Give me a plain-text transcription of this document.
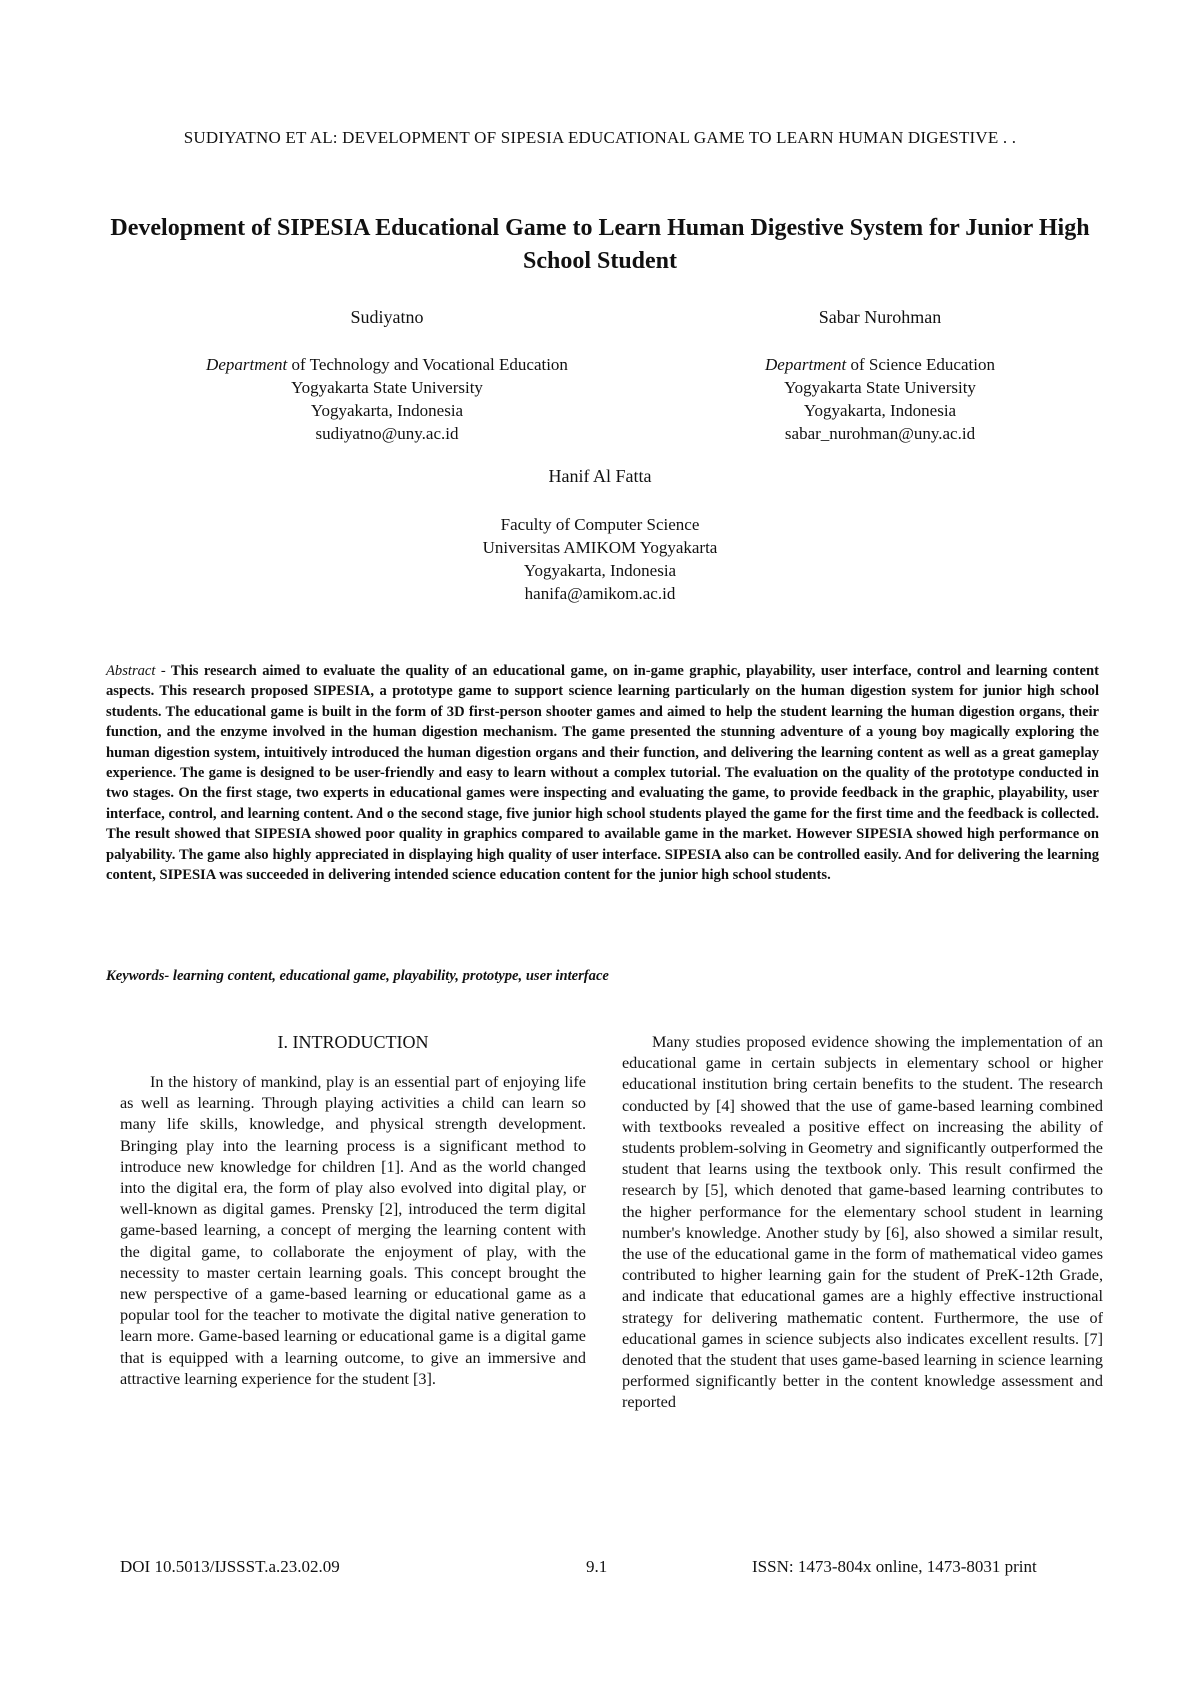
SUDIYATNO ET AL: DEVELOPMENT OF SIPESIA EDUCATIONAL GAME TO LEARN HUMAN DIGESTIVE . .
Development of SIPESIA Educational Game to Learn Human Digestive System for Junior High School Student
Sudiyatno
Department of Technology and Vocational Education
Yogyakarta State University
Yogyakarta, Indonesia
sudiyatno@uny.ac.id
Sabar Nurohman
Department of Science Education
Yogyakarta State University
Yogyakarta, Indonesia
sabar_nurohman@uny.ac.id
Hanif Al Fatta
Faculty of Computer Science
Universitas AMIKOM Yogyakarta
Yogyakarta, Indonesia
hanifa@amikom.ac.id
Abstract - This research aimed to evaluate the quality of an educational game, on in-game graphic, playability, user interface, control and learning content aspects. This research proposed SIPESIA, a prototype game to support science learning particularly on the human digestion system for junior high school students. The educational game is built in the form of 3D first-person shooter games and aimed to help the student learning the human digestion organs, their function, and the enzyme involved in the human digestion mechanism. The game presented the stunning adventure of a young boy magically exploring the human digestion system, intuitively introduced the human digestion organs and their function, and delivering the learning content as well as a great gameplay experience. The game is designed to be user-friendly and easy to learn without a complex tutorial. The evaluation on the quality of the prototype conducted in two stages. On the first stage, two experts in educational games were inspecting and evaluating the game, to provide feedback in the graphic, playability, user interface, control, and learning content. And o the second stage, five junior high school students played the game for the first time and the feedback is collected. The result showed that SIPESIA showed poor quality in graphics compared to available game in the market. However SIPESIA showed high performance on palyability. The game also highly appreciated in displaying high quality of user interface. SIPESIA also can be controlled easily. And for delivering the learning content, SIPESIA was succeeded in delivering intended science education content for the junior high school students.
Keywords- learning content, educational game, playability, prototype, user interface
I. INTRODUCTION

In the history of mankind, play is an essential part of enjoying life as well as learning. Through playing activities a child can learn so many life skills, knowledge, and physical strength development. Bringing play into the learning process is a significant method to introduce new knowledge for children [1]. And as the world changed into the digital era, the form of play also evolved into digital play, or well-known as digital games. Prensky [2], introduced the term digital game-based learning, a concept of merging the learning content with the digital game, to collaborate the enjoyment of play, with the necessity to master certain learning goals. This concept brought the new perspective of a game-based learning or educational game as a popular tool for the teacher to motivate the digital native generation to learn more. Game-based learning or educational game is a digital game that is equipped with a learning outcome, to give an immersive and attractive learning experience for the student [3].

Many studies proposed evidence showing the implementation of an educational game in certain subjects in elementary school or higher educational institution bring certain benefits to the student. The research conducted by [4] showed that the use of game-based learning combined with textbooks revealed a positive effect on increasing the ability of students problem-solving in Geometry and significantly outperformed the student that learns using the textbook only. This result confirmed the research by [5], which denoted that game-based learning contributes to the higher performance for the elementary school student in learning number's knowledge. Another study by [6], also showed a similar result, the use of the educational game in the form of mathematical video games contributed to higher learning gain for the student of PreK-12th Grade, and indicate that educational games are a highly effective instructional strategy for delivering mathematic content. Furthermore, the use of educational games in science subjects also indicates excellent results. [7] denoted that the student that uses game-based learning in science learning performed significantly better in the content knowledge assessment and reported

DOI 10.5013/IJSSST.a.23.02.09	9.1	ISSN: 1473-804x online, 1473-8031 print
